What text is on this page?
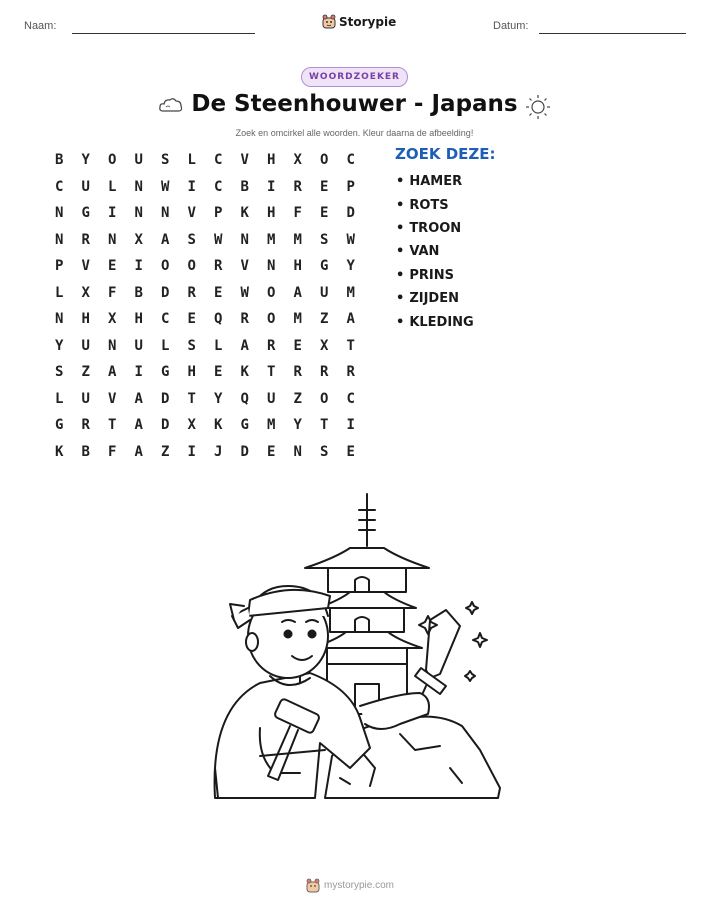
Naam:	Storypie	Datum:
WOORDZOEKER
De Steenhouwer - Japans
Zoek en omcirkel alle woorden. Kleur daarna de afbeelding!
B	Y	O	U	S	L	C	V	H	X	O	C
C	U	L	N	W	I	C	B	I	R	E	P
N	G	I	N	N	V	P	K	H	F	E	D
N	R	N	X	A	S	W	N	M	M	S	W
P	V	E	I	O	O	R	V	N	H	G	Y
L	X	F	B	D	R	E	W	O	A	U	M
N	H	X	H	C	E	Q	R	O	M	Z	A
Y	U	N	U	L	S	L	A	R	E	X	T
S	Z	A	I	G	H	E	K	T	R	R	R
L	U	V	A	D	T	Y	Q	U	Z	O	C
G	R	T	A	D	X	K	G	M	Y	T	I
K	B	F	A	Z	I	J	D	E	N	S	E
ZOEK DEZE:
• HAMER
• ROTS
• TROON
• VAN
• PRINS
• ZIJDEN
• KLEDING
mystorypie.com
